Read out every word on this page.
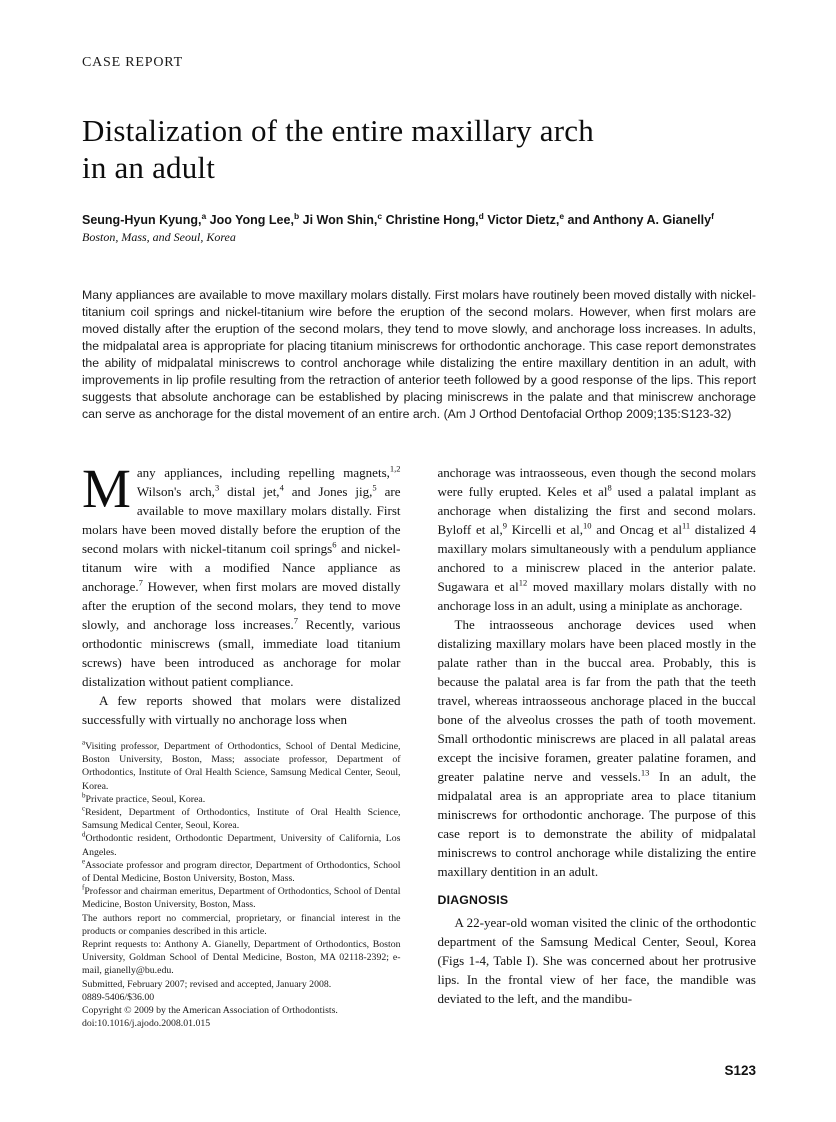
CASE REPORT
Distalization of the entire maxillary arch
in an adult
Seung-Hyun Kyung,$^a$ Joo Yong Lee,$^b$ Ji Won Shin,$^c$ Christine Hong,$^d$ Victor Dietz,$^e$ and Anthony A. Gianelly$^f$
Boston, Mass, and Seoul, Korea
Many appliances are available to move maxillary molars distally. First molars have routinely been moved distally with nickel-titanium coil springs and nickel-titanium wire before the eruption of the second molars. However, when first molars are moved distally after the eruption of the second molars, they tend to move slowly, and anchorage loss increases. In adults, the midpalatal area is appropriate for placing titanium miniscrews for orthodontic anchorage. This case report demonstrates the ability of midpalatal miniscrews to control anchorage while distalizing the entire maxillary dentition in an adult, with improvements in lip profile resulting from the retraction of anterior teeth followed by a good response of the lips. This report suggests that absolute anchorage can be established by placing miniscrews in the palate and that miniscrew anchorage can serve as anchorage for the distal movement of an entire arch. (Am J Orthod Dentofacial Orthop 2009;135:S123-32)

Many appliances, including repelling magnets,$^{1,2}$ Wilson's arch,$^3$ distal jet,$^4$ and Jones jig,$^5$ are available to move maxillary molars distally. First molars have been moved distally before the eruption of the second molars with nickel-titanum coil springs$^6$ and nickel-titanum wire with a modified Nance appliance as anchorage.$^7$ However, when first molars are moved distally after the eruption of the second molars, they tend to move slowly, and anchorage loss increases.$^7$ Recently, various orthodontic miniscrews (small, immediate load titanium screws) have been introduced as anchorage for molar distalization without patient compliance.

A few reports showed that molars were distalized successfully with virtually no anchorage loss when

$^a$Visiting professor, Department of Orthodontics, School of Dental Medicine, Boston University, Boston, Mass; associate professor, Department of Orthodontics, Institute of Oral Health Science, Samsung Medical Center, Seoul, Korea.

$^b$Private practice, Seoul, Korea.

$^c$Resident, Department of Orthodontics, Institute of Oral Health Science, Samsung Medical Center, Seoul, Korea.

$^d$Orthodontic resident, Orthodontic Department, University of California, Los Angeles.

$^e$Associate professor and program director, Department of Orthodontics, School of Dental Medicine, Boston University, Boston, Mass.

$^f$Professor and chairman emeritus, Department of Orthodontics, School of Dental Medicine, Boston University, Boston, Mass.

The authors report no commercial, proprietary, or financial interest in the products or companies described in this article.

Reprint requests to: Anthony A. Gianelly, Department of Orthodontics, Boston University, Goldman School of Dental Medicine, Boston, MA 02118-2392; e-mail, gianelly@bu.edu.

Submitted, February 2007; revised and accepted, January 2008.

0889-5406/$36.00

Copyright © 2009 by the American Association of Orthodontists.

doi:10.1016/j.ajodo.2008.01.015

anchorage was intraosseous, even though the second molars were fully erupted. Keles et $al^8$ used a palatal implant as anchorage when distalizing the first and second molars. Byloff et al,$^9$ Kircelli et al,$^{10}$ and Oncag et $al^{11}$ distalized 4 maxillary molars simultaneously with a pendulum appliance anchored to a miniscrew placed in the anterior palate. Sugawara et $al^{12}$ moved maxillary molars distally with no anchorage loss in an adult, using a miniplate as anchorage.

The intraosseous anchorage devices used when distalizing maxillary molars have been placed mostly in the palate rather than in the buccal area. Probably, this is because the palatal area is far from the path that the teeth travel, whereas intraosseous anchorage placed in the buccal bone of the alveolus crosses the path of tooth movement. Small orthodontic miniscrews are placed in all palatal areas except the incisive foramen, greater palatine foramen, and greater palatine nerve and vessels.$^{13}$ In an adult, the midpalatal area is an appropriate area to place titanium miniscrews for orthodontic anchorage. The purpose of this case report is to demonstrate the ability of midpalatal miniscrews to control anchorage while distalizing the entire maxillary dentition in an adult.

DIAGNOSIS

A 22-year-old woman visited the clinic of the orthodontic department of the Samsung Medical Center, Seoul, Korea (Figs 1-4, Table I). She was concerned about her protrusive lips. In the frontal view of her face, the mandible was deviated to the left, and the mandibu-

S123
